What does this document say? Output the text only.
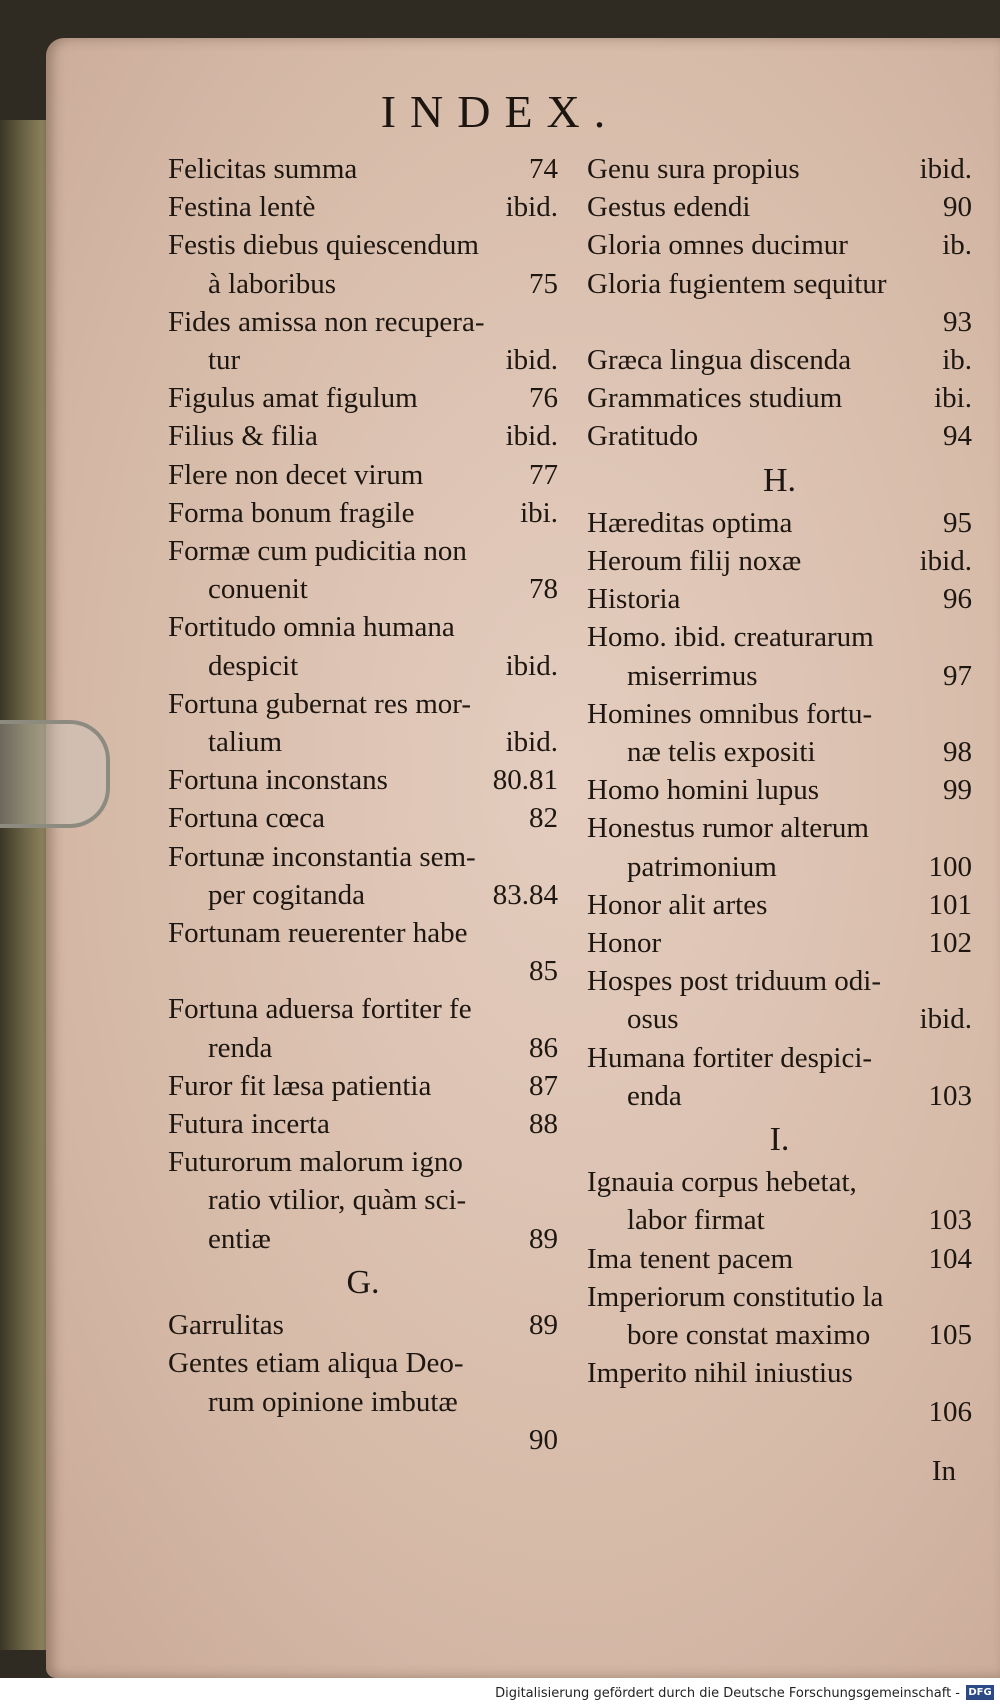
INDEX.
Felicitas summa	74
Festina lentè	ibid.
Festis diebus quiescendum
à laboribus	75
Fides amissa non recupera-
tur	ibid.
Figulus amat figulum	76
Filius & filia	ibid.
Flere non decet virum	77
Forma bonum fragile	ibi.
Formæ cum pudicitia non
conuenit	78
Fortitudo omnia humana
despicit	ibid.
Fortuna gubernat res mor-
talium	ibid.
Fortuna inconstans	80.81
Fortuna cœca	82
Fortunæ inconstantia sem-
per cogitanda	83.84
Fortunam reuerenter habe
85
Fortuna aduersa fortiter fe
renda	86
Furor fit læsa patientia	87
Futura incerta	88
Futurorum malorum igno
ratio vtilior, quàm sci-
entiæ	89
G.
Garrulitas	89
Gentes etiam aliqua Deo-
rum opinione imbutæ
90
Genu sura propius	ibid.
Gestus edendi	90
Gloria omnes ducimur	ib.
Gloria fugientem sequitur
93
Græca lingua discenda	ib.
Grammatices studium	ibi.
Gratitudo	94
H.
Hæreditas optima	95
Heroum filij noxæ	ibid.
Historia	96
Homo. ibid. creaturarum
miserrimus	97
Homines omnibus fortu-
næ telis expositi	98
Homo homini lupus	99
Honestus rumor alterum
patrimonium	100
Honor alit artes	101
Honor	102
Hospes post triduum odi-
osus	ibid.
Humana fortiter despici-
enda	103
I.
Ignauia corpus hebetat,
labor firmat	103
Ima tenent pacem	104
Imperiorum constitutio la
bore constat maximo	105
Imperito nihil iniustius
106
In
Digitalisierung gefördert durch die Deutsche Forschungsgemeinschaft - DFG
